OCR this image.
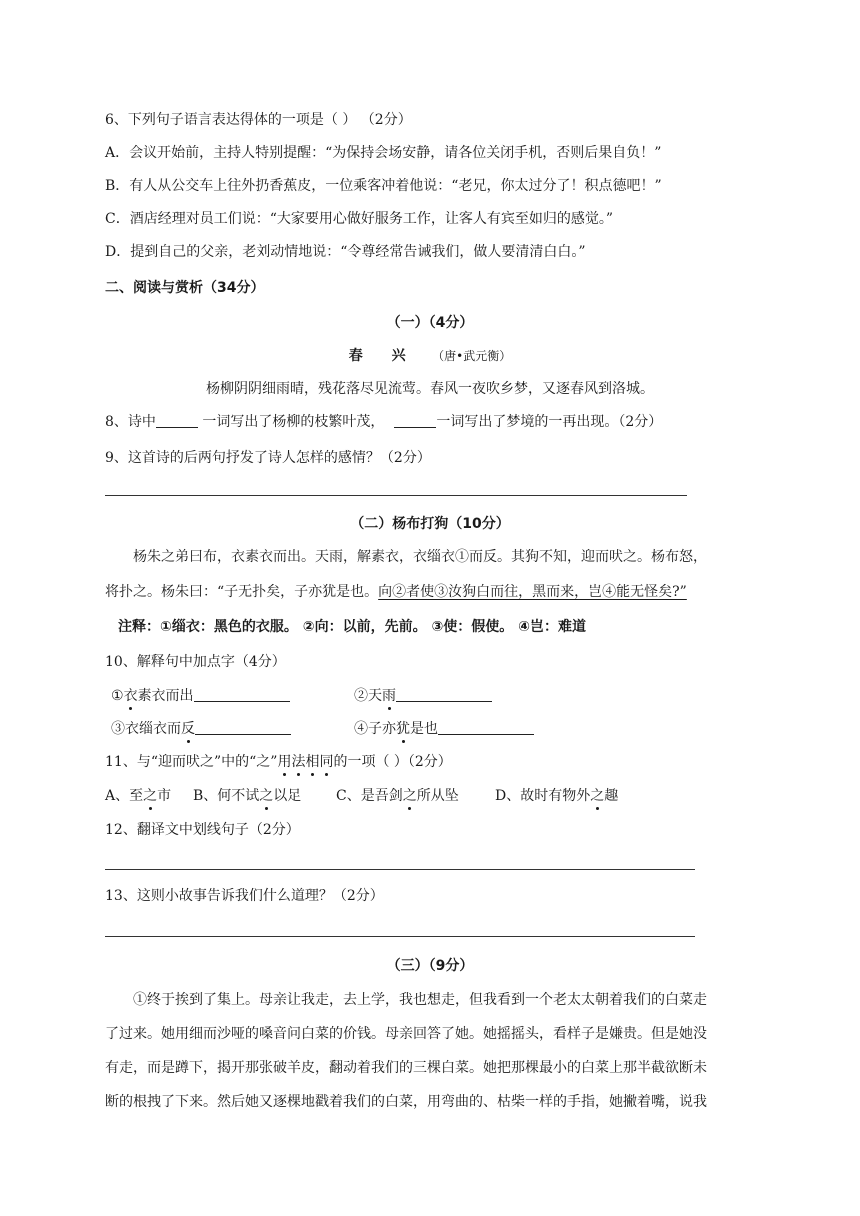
6、下列句子语言表达得体的一项是（ ） （2分）
A．会议开始前，主持人特别提醒：“为保持会场安静，请各位关闭手机，否则后果自负！”
B．有人从公交车上往外扔香蕉皮，一位乘客冲着他说：“老兄，你太过分了！积点德吧！”
C．酒店经理对员工们说：“大家要用心做好服务工作，让客人有宾至如归的感觉。”
D．提到自己的父亲，老刘动情地说：“令尊经常告诫我们，做人要清清白白。”
二、阅读与赏析（34分）
（一）（4分）
春 兴 （唐•武元衡）
杨柳阴阴细雨晴，残花落尽见流莺。春风一夜吹乡梦，又逐春风到洛城。
8、诗中	一词写出了杨柳的枝繁叶茂，	一词写出了梦境的一再出现。（2分）
9、这首诗的后两句抒发了诗人怎样的感情？（2分）
（二）杨布打狗（10分）
杨朱之弟曰布，衣素衣而出。天雨，解素衣，衣缁衣①而反。其狗不知，迎而吠之。杨布怒，
将扑之。杨朱曰：“子无扑矣，子亦犹是也。向②者使③汝狗白而往，黑而来，岂④能无怪矣?”
注释：①缁衣：黑色的衣服。 ②向：以前，先前。 ③使：假使。 ④岂：难道
10、解释句中加点字（4分）
①衣素衣而出	②天雨
③衣缁衣而反	④子亦犹是也
11、与“迎而吠之”中的“之”用法相同的一项（ ）（2分）
A、至之市 B、何不试之以足 C、是吾剑之所从坠	D、故时有物外之趣
12、翻译文中划线句子（2分）
13、这则小故事告诉我们什么道理？（2分）
（三）（9分）
①终于挨到了集上。母亲让我走，去上学，我也想走，但我看到一个老太太朝着我们的白菜走
了过来。她用细而沙哑的嗓音问白菜的价钱。母亲回答了她。她摇摇头，看样子是嫌贵。但是她没
有走，而是蹲下，揭开那张破羊皮，翻动着我们的三棵白菜。她把那棵最小的白菜上那半截欲断未
断的根拽了下来。然后她又逐棵地戳着我们的白菜，用弯曲的、枯柴一样的手指，她撇着嘴，说我
